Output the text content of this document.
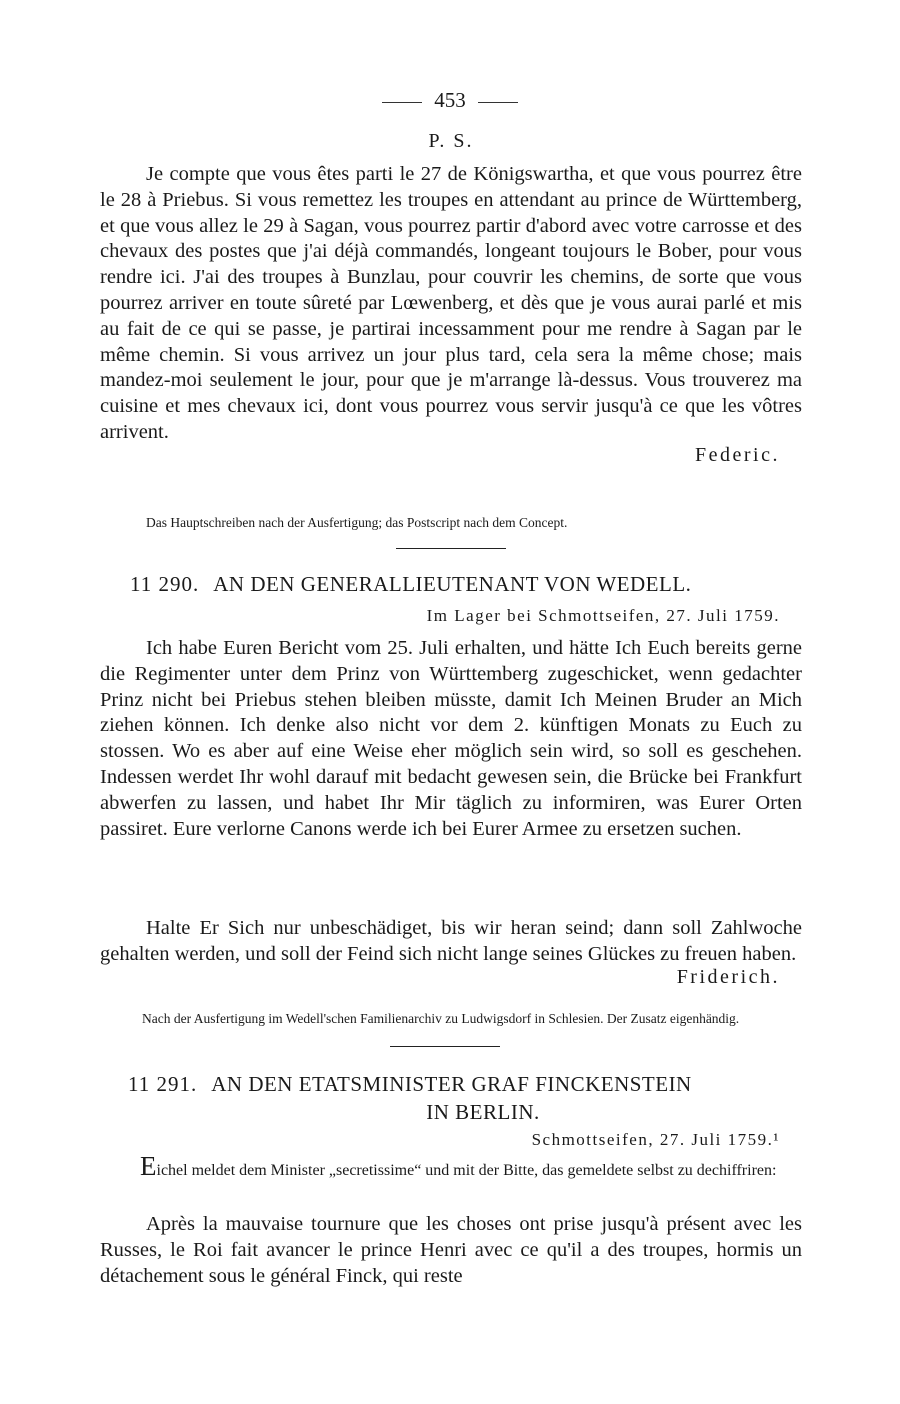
453
P. S.

Je compte que vous êtes parti le 27 de Königswartha, et que vous pourrez être le 28 à Priebus. Si vous remettez les troupes en attendant au prince de Württemberg, et que vous allez le 29 à Sagan, vous pourrez partir d'abord avec votre carrosse et des chevaux des postes que j'ai déjà commandés, longeant toujours le Bober, pour vous rendre ici. J'ai des troupes à Bunzlau, pour couvrir les chemins, de sorte que vous pourrez arriver en toute sûreté par Lœwenberg, et dès que je vous aurai parlé et mis au fait de ce qui se passe, je partirai incessamment pour me rendre à Sagan par le même chemin. Si vous arrivez un jour plus tard, cela sera la même chose; mais mandez-moi seulement le jour, pour que je m'arrange là-dessus. Vous trouverez ma cuisine et mes chevaux ici, dont vous pourrez vous servir jusqu'à ce que les vôtres arrivent.

Federic.

Das Hauptschreiben nach der Ausfertigung; das Postscript nach dem Concept.

11 290. AN DEN GENERALLIEUTENANT VON WEDELL.
Im Lager bei Schmottseifen, 27. Juli 1759.

Ich habe Euren Bericht vom 25. Juli erhalten, und hätte Ich Euch bereits gerne die Regimenter unter dem Prinz von Württemberg zugeschicket, wenn gedachter Prinz nicht bei Priebus stehen bleiben müsste, damit Ich Meinen Bruder an Mich ziehen können. Ich denke also nicht vor dem 2. künftigen Monats zu Euch zu stossen. Wo es aber auf eine Weise eher möglich sein wird, so soll es geschehen. Indessen werdet Ihr wohl darauf mit bedacht gewesen sein, die Brücke bei Frankfurt abwerfen zu lassen, und habet Ihr Mir täglich zu informiren, was Eurer Orten passiret. Eure verlorne Canons werde ich bei Eurer Armee zu ersetzen suchen.

Halte Er Sich nur unbeschädiget, bis wir heran seind; dann soll Zahlwoche gehalten werden, und soll der Feind sich nicht lange seines Glückes zu freuen haben.

Friderich.

Nach der Ausfertigung im Wedell'schen Familienarchiv zu Ludwigsdorf in Schlesien. Der Zusatz eigenhändig.

11 291. AN DEN ETATSMINISTER GRAF FINCKENSTEIN
IN BERLIN.
Schmottseifen, 27. Juli 1759.¹

Eichel meldet dem Minister „secretissime“ und mit der Bitte, das gemeldete selbst zu dechiffriren:

Après la mauvaise tournure que les choses ont prise jusqu'à présent avec les Russes, le Roi fait avancer le prince Henri avec ce qu'il a des troupes, hormis un détachement sous le général Finck, qui reste
